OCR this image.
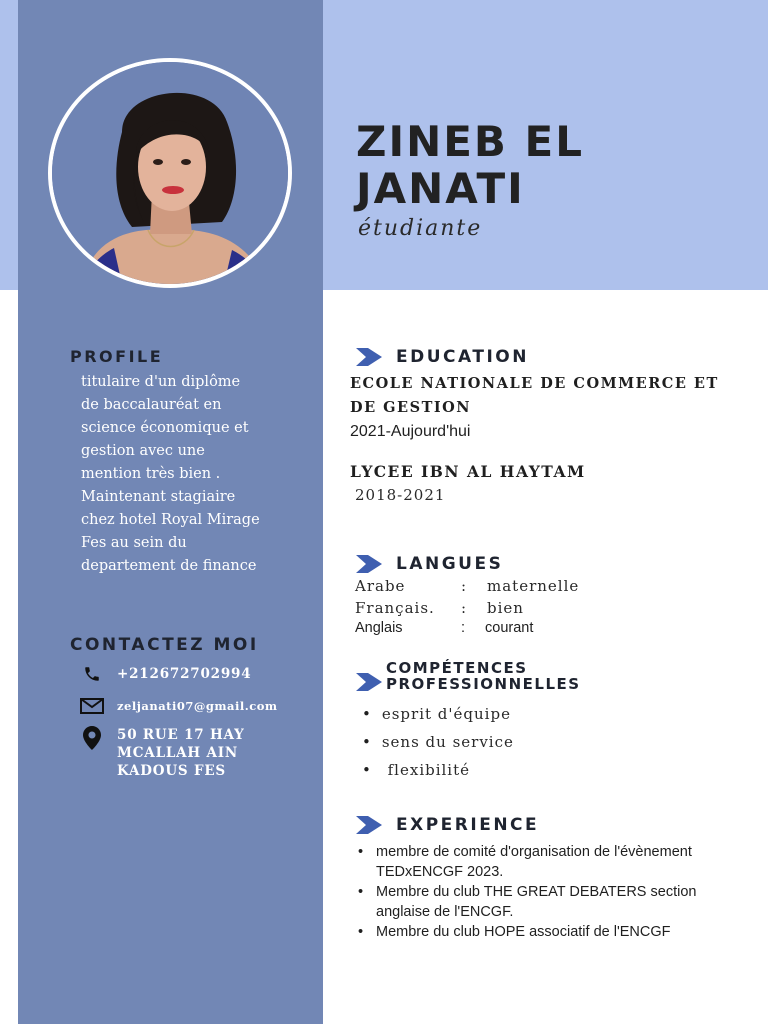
ZINEB EL
JANATI
étudiante
PROFILE
titulaire d'un diplôme
de baccalauréat en
science économique et
gestion avec une
mention très bien .
Maintenant stagiaire
chez hotel Royal Mirage
Fes au sein du
departement de finance
CONTACTEZ MOI
+212672702994
zeljanati07@gmail.com
50 RUE 17 HAY
MCALLAH AIN
KADOUS FES
EDUCATION
ECOLE NATIONALE DE COMMERCE ET
DE GESTION
2021-Aujourd'hui
LYCEE IBN AL HAYTAM
2018-2021
LANGUES
Arabe	:	maternelle
Français.	:	bien
Anglais	:	courant
COMPÉTENCES
PROFESSIONNELLES
• esprit d'équipe
• sens du service
• flexibilité
EXPERIENCE
• membre de comité d'organisation de l'évènement TEDxENCGF 2023.
• Membre du club THE GREAT DEBATERS section anglaise de l'ENCGF.
• Membre du club HOPE associatif de l'ENCGF
